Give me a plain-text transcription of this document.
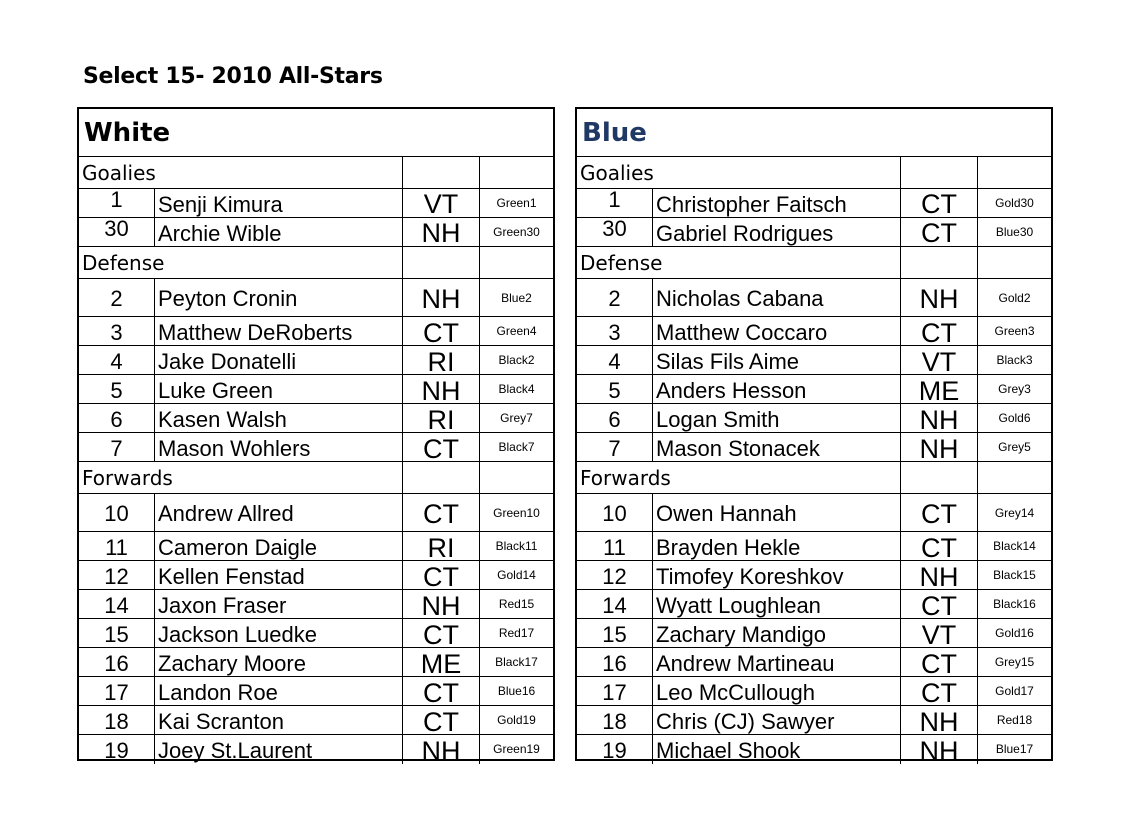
Select 15- 2010 All-Stars
White
Goalies
1	Senji Kimura	VT	Green1
30	Archie Wible	NH	Green30
Defense
2	Peyton Cronin	NH	Blue2
3	Matthew DeRoberts	CT	Green4
4	Jake Donatelli	RI	Black2
5	Luke Green	NH	Black4
6	Kasen Walsh	RI	Grey7
7	Mason Wohlers	CT	Black7
Forwards
10	Andrew Allred	CT	Green10
11	Cameron Daigle	RI	Black11
12	Kellen Fenstad	CT	Gold14
14	Jaxon Fraser	NH	Red15
15	Jackson Luedke	CT	Red17
16	Zachary Moore	ME	Black17
17	Landon Roe	CT	Blue16
18	Kai Scranton	CT	Gold19
19	Joey St.Laurent	NH	Green19
Blue
Goalies
1	Christopher Faitsch	CT	Gold30
30	Gabriel Rodrigues	CT	Blue30
Defense
2	Nicholas Cabana	NH	Gold2
3	Matthew Coccaro	CT	Green3
4	Silas Fils Aime	VT	Black3
5	Anders Hesson	ME	Grey3
6	Logan Smith	NH	Gold6
7	Mason Stonacek	NH	Grey5
Forwards
10	Owen Hannah	CT	Grey14
11	Brayden Hekle	CT	Black14
12	Timofey Koreshkov	NH	Black15
14	Wyatt Loughlean	CT	Black16
15	Zachary Mandigo	VT	Gold16
16	Andrew Martineau	CT	Grey15
17	Leo McCullough	CT	Gold17
18	Chris (CJ) Sawyer	NH	Red18
19	Michael Shook	NH	Blue17
